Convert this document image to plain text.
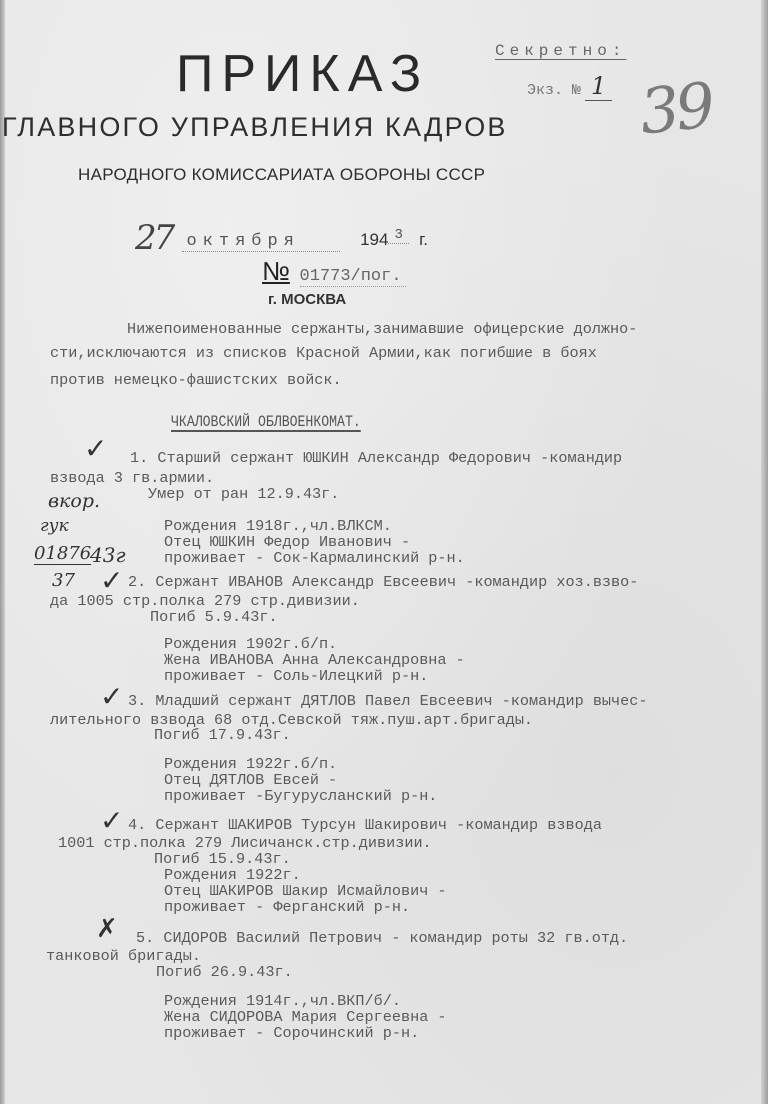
ПРИКАЗ	Секретно:
Экз. № 1 39
ГЛАВНОГО УПРАВЛЕНИЯ КАДРОВ
НАРОДНОГО КОМИССАРИАТА ОБОРОНЫ СССР
27 октября	194 $^3$ г.
№ 01773/пог.
г. МОСКВА
Нижепоименованные сержанты,занимавшие офицерские должно-
сти,исключаются из списков Красной Армии,как погибшие в боях
против немецко-фашистских войск.
ЧКАЛОВСКИЙ ОБЛВОЕНКОМАТ.
вкор.
гук
01876
43г
37
✓ 1. Старший сержант ЮШКИН Александр Федорович -командир
взвода 3 гв.армии.
Умер от ран 12.9.43г.
Рождения 1918г.,чл.ВЛКСМ.
Отец ЮШКИН Федор Иванович -
проживает - Сок-Кармалинский р-н.
✓ 2. Сержант ИВАНОВ Александр Евсеевич -командир хоз.взво-
да 1005 стр.полка 279 стр.дивизии.
Погиб 5.9.43г.
Рождения 1902г.б/п.
Жена ИВАНОВА Анна Александровна -
проживает - Соль-Илецкий р-н.
✓ 3. Младший сержант ДЯТЛОВ Павел Евсеевич -командир вычеc-
лительного взвода 68 отд.Севской тяж.пуш.арт.бригады.
Погиб 17.9.43г.
Рождения 1922г.б/п.
Отец ДЯТЛОВ Евсей -
проживает -Бугурусланский р-н.
✓ 4. Сержант ШАКИРОВ Турсун Шакирович -командир взвода
1001 стр.полка 279 Лисичанск.стр.дивизии.
Погиб 15.9.43г.
Рождения 1922г.
Отец ШАКИРОВ Шакир Исмайлович -
проживает - Ферганский р-н.
✗ 5. СИДОРОВ Василий Петрович - командир роты 32 гв.отд.
танковой бригады.
Погиб 26.9.43г.
Рождения 1914г.,чл.ВКП/б/.
Жена СИДОРОВА Мария Сергеевна -
проживает - Сорочинский р-н.
